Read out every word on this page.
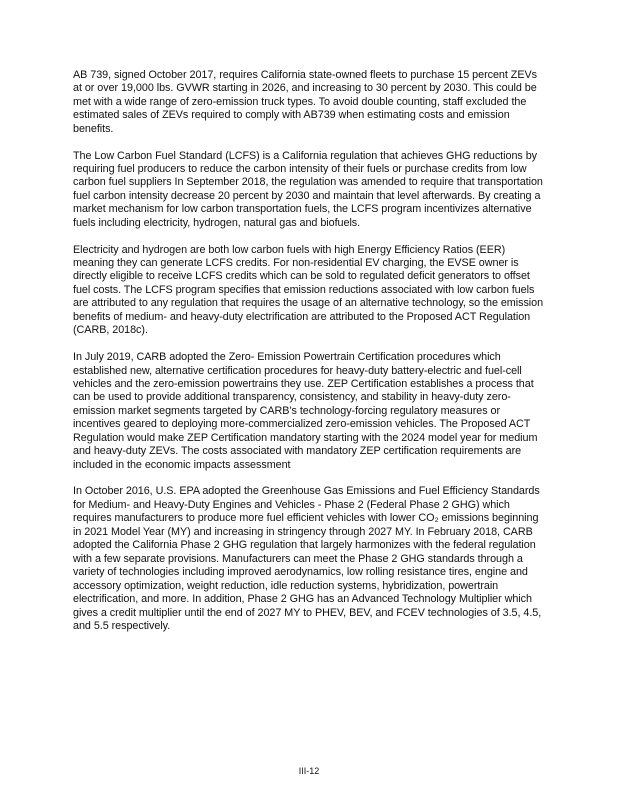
AB 739, signed October 2017, requires California state-owned fleets to purchase 15 percent ZEVs at or over 19,000 lbs. GVWR starting in 2026, and increasing to 30 percent by 2030. This could be met with a wide range of zero-emission truck types. To avoid double counting, staff excluded the estimated sales of ZEVs required to comply with AB739 when estimating costs and emission benefits.

The Low Carbon Fuel Standard (LCFS) is a California regulation that achieves GHG reductions by requiring fuel producers to reduce the carbon intensity of their fuels or purchase credits from low carbon fuel suppliers In September 2018, the regulation was amended to require that transportation fuel carbon intensity decrease 20 percent by 2030 and maintain that level afterwards. By creating a market mechanism for low carbon transportation fuels, the LCFS program incentivizes alternative fuels including electricity, hydrogen, natural gas and biofuels.

Electricity and hydrogen are both low carbon fuels with high Energy Efficiency Ratios (EER) meaning they can generate LCFS credits. For non-residential EV charging, the EVSE owner is directly eligible to receive LCFS credits which can be sold to regulated deficit generators to offset fuel costs. The LCFS program specifies that emission reductions associated with low carbon fuels are attributed to any regulation that requires the usage of an alternative technology, so the emission benefits of medium- and heavy-duty electrification are attributed to the Proposed ACT Regulation (CARB, 2018c).

In July 2019, CARB adopted the Zero- Emission Powertrain Certification procedures which established new, alternative certification procedures for heavy-duty battery-electric and fuel-cell vehicles and the zero-emission powertrains they use. ZEP Certification establishes a process that can be used to provide additional transparency, consistency, and stability in heavy-duty zero-emission market segments targeted by CARB’s technology-forcing regulatory measures or incentives geared to deploying more-commercialized zero-emission vehicles. The Proposed ACT Regulation would make ZEP Certification mandatory starting with the 2024 model year for medium and heavy-duty ZEVs. The costs associated with mandatory ZEP certification requirements are included in the economic impacts assessment

In October 2016, U.S. EPA adopted the Greenhouse Gas Emissions and Fuel Efficiency Standards for Medium- and Heavy-Duty Engines and Vehicles - Phase 2 (Federal Phase 2 GHG) which requires manufacturers to produce more fuel efficient vehicles with lower CO₂ emissions beginning in 2021 Model Year (MY) and increasing in stringency through 2027 MY. In February 2018, CARB adopted the California Phase 2 GHG regulation that largely harmonizes with the federal regulation with a few separate provisions. Manufacturers can meet the Phase 2 GHG standards through a variety of technologies including improved aerodynamics, low rolling resistance tires, engine and accessory optimization, weight reduction, idle reduction systems, hybridization, powertrain electrification, and more. In addition, Phase 2 GHG has an Advanced Technology Multiplier which gives a credit multiplier until the end of 2027 MY to PHEV, BEV, and FCEV technologies of 3.5, 4.5, and 5.5 respectively.

III-12
